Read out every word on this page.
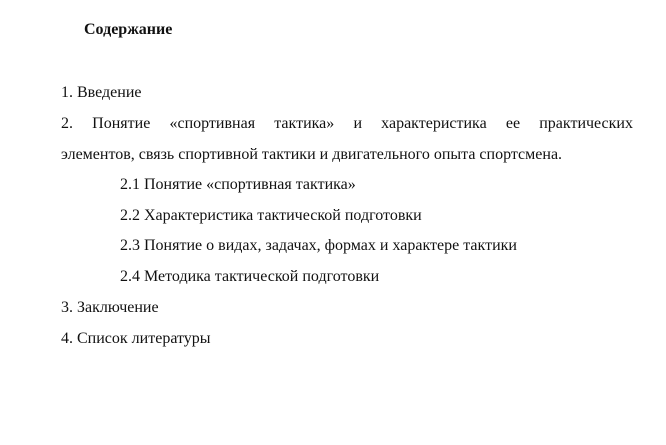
Содержание
1. Введение
2. Понятие «спортивная тактика» и характеристика ее практических
элементов, связь спортивной тактики и двигательного опыта спортсмена.
2.1 Понятие «спортивная тактика»
2.2 Характеристика тактической подготовки
2.3 Понятие о видах, задачах, формах и характере тактики
2.4 Методика тактической подготовки
3. Заключение
4. Список литературы
